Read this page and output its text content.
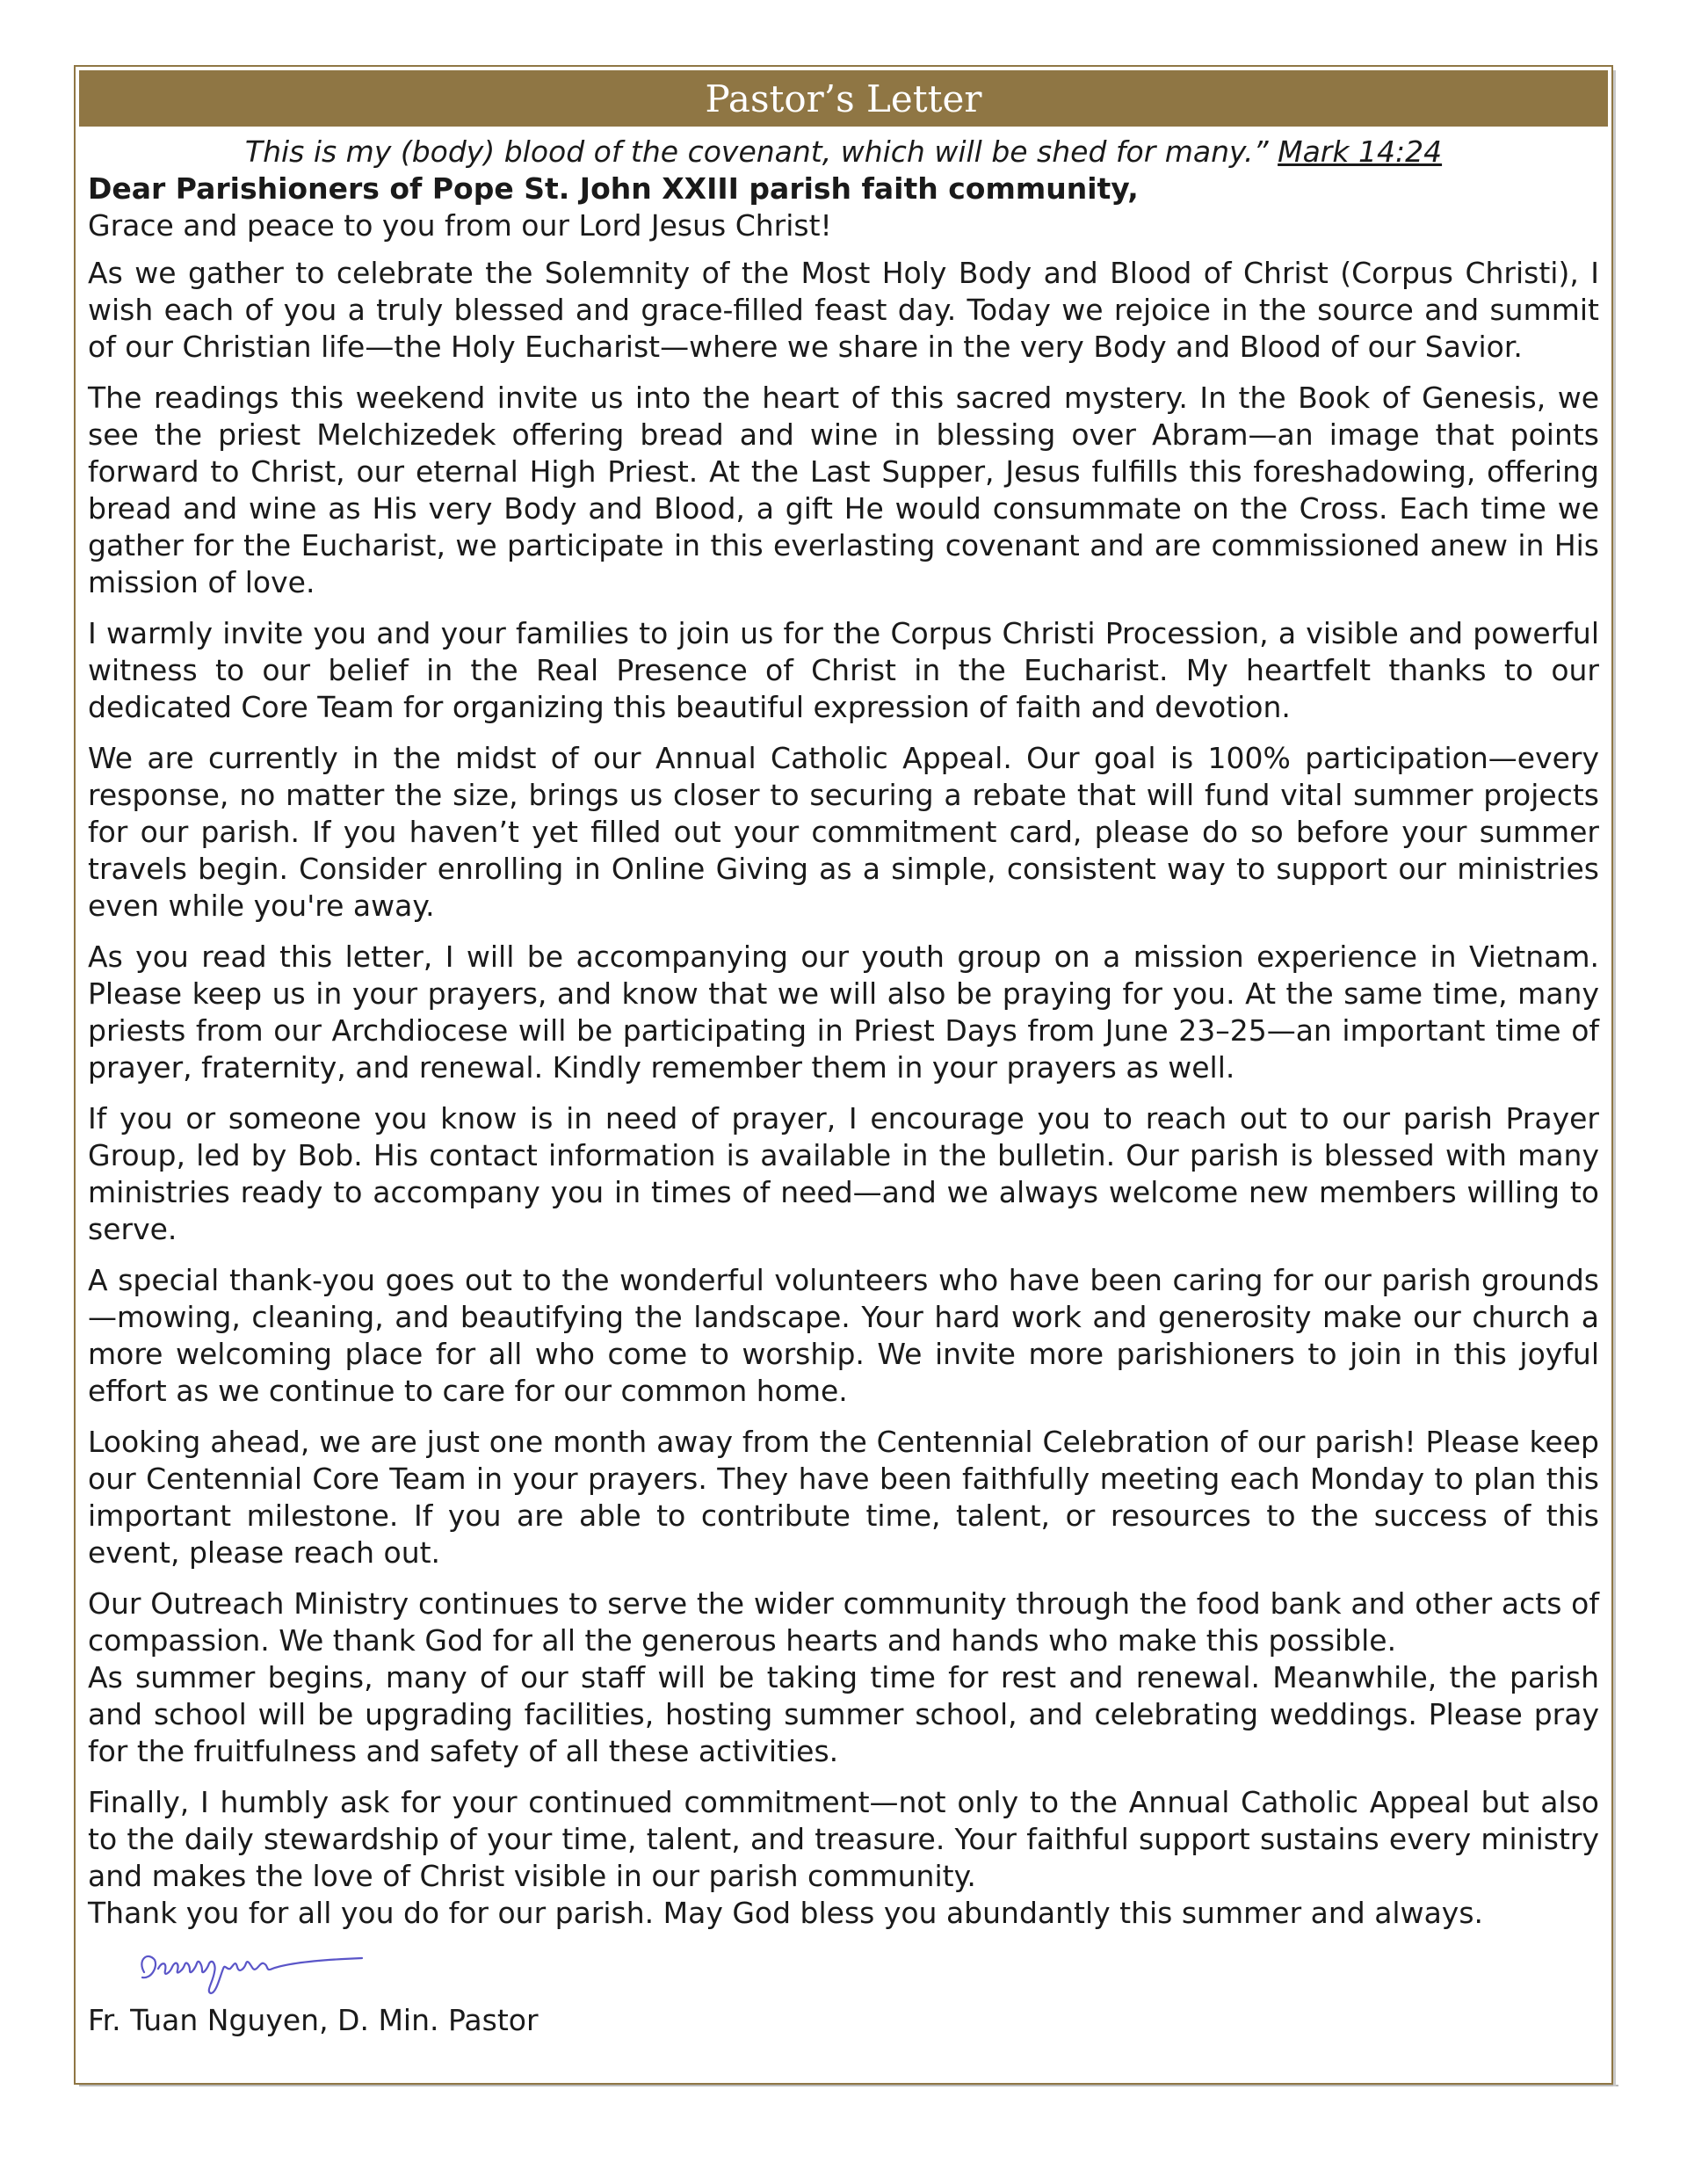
Pastor’s Letter

This is my (body) blood of the covenant, which will be shed for many.” Mark 14:24

Dear Parishioners of Pope St. John XXIII parish faith community,

Grace and peace to you from our Lord Jesus Christ!

As we gather to celebrate the Solemnity of the Most Holy Body and Blood of Christ (Corpus Christi), I wish each of you a truly blessed and grace-filled feast day. Today we rejoice in the source and summit of our Christian life—the Holy Eucharist—where we share in the very Body and Blood of our Savior.

The readings this weekend invite us into the heart of this sacred mystery. In the Book of Genesis, we see the priest Melchizedek offering bread and wine in blessing over Abram—an image that points forward to Christ, our eternal High Priest. At the Last Supper, Jesus fulfills this foreshadowing, offering bread and wine as His very Body and Blood, a gift He would consummate on the Cross. Each time we gather for the Eucharist, we participate in this everlasting covenant and are commissioned anew in His mission of love.

I warmly invite you and your families to join us for the Corpus Christi Procession, a visible and powerful witness to our belief in the Real Presence of Christ in the Eucharist. My heartfelt thanks to our dedicated Core Team for organizing this beautiful expression of faith and devotion.

We are currently in the midst of our Annual Catholic Appeal. Our goal is 100% participation—every response, no matter the size, brings us closer to securing a rebate that will fund vital summer projects for our parish. If you haven’t yet filled out your commitment card, please do so before your summer travels begin. Consider enrolling in Online Giving as a simple, consistent way to support our ministries even while you're away.

As you read this letter, I will be accompanying our youth group on a mission experience in Vietnam. Please keep us in your prayers, and know that we will also be praying for you. At the same time, many priests from our Archdiocese will be participating in Priest Days from June 23–25—an important time of prayer, fraternity, and renewal. Kindly remember them in your prayers as well.

If you or someone you know is in need of prayer, I encourage you to reach out to our parish Prayer Group, led by Bob. His contact information is available in the bulletin. Our parish is blessed with many ministries ready to accompany you in times of need—and we always welcome new members willing to serve.

A special thank-you goes out to the wonderful volunteers who have been caring for our parish grounds—mowing, cleaning, and beautifying the landscape. Your hard work and generosity make our church a more welcoming place for all who come to worship. We invite more parishioners to join in this joyful effort as we continue to care for our common home.

Looking ahead, we are just one month away from the Centennial Celebration of our parish! Please keep our Centennial Core Team in your prayers. They have been faithfully meeting each Monday to plan this important milestone. If you are able to contribute time, talent, or resources to the success of this event, please reach out.

Our Outreach Ministry continues to serve the wider community through the food bank and other acts of compassion. We thank God for all the generous hearts and hands who make this possible.

As summer begins, many of our staff will be taking time for rest and renewal. Meanwhile, the parish and school will be upgrading facilities, hosting summer school, and celebrating weddings. Please pray for the fruitfulness and safety of all these activities.

Finally, I humbly ask for your continued commitment—not only to the Annual Catholic Appeal but also to the daily stewardship of your time, talent, and treasure. Your faithful support sustains every ministry and makes the love of Christ visible in our parish community.

Thank you for all you do for our parish. May God bless you abundantly this summer and always.

Fr. Tuan Nguyen, D. Min. Pastor
